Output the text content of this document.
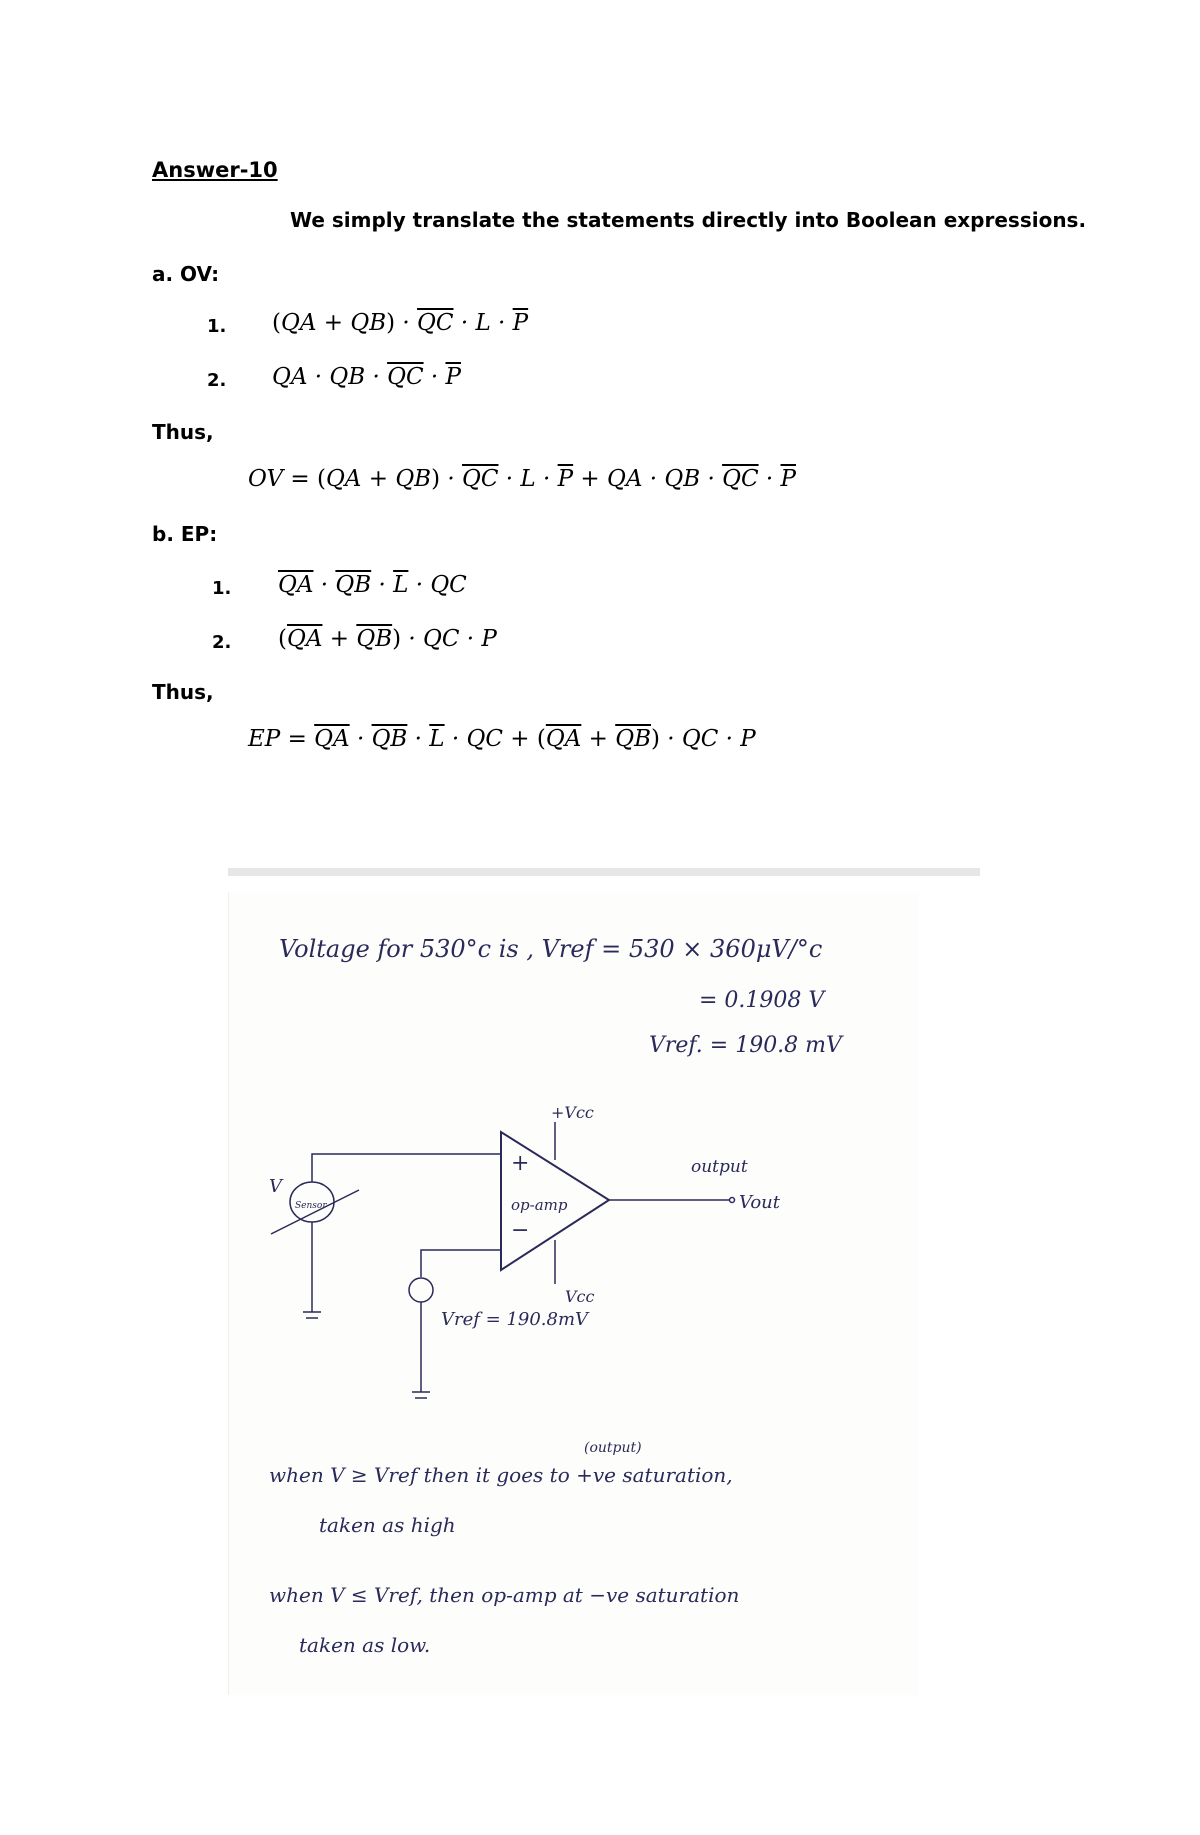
Answer-10
We simply translate the statements directly into Boolean expressions.
a. OV:
1. $(QA + QB) \cdot \overline{QC} \cdot L \cdot \overline{P}$
2. QA · QB · $\overline{QC} \cdot \overline{P}$
Thus,
OV = $(QA + QB) \cdot \overline{QC} \cdot L \cdot \overline{P}$ + QA · QB · $\overline{QC} \cdot \overline{P}$
b. EP:
1. $\overline{QA} \cdot \overline{QB} \cdot \overline{L}$ · QC
2. $(\overline{QA} + \overline{QB})$ · QC · P
Thus,
EP = $\overline{QA} \cdot \overline{QB} \cdot \overline{L}$ · QC + $(\overline{QA} + \overline{QB})$ · QC · P
Voltage for 530°c is , Vref = 530 × 360μV/°c
= 0.1908 V
Vref. = 190.8 mV
+
−
op-amp
+Vcc
Vcc
output
Vout
Sensor
V
Vref = 190.8mV
(output)
when V ≥ Vref then it goes to +ve saturation,
taken as high
when V ≤ Vref, then op-amp at −ve saturation
taken as low.
